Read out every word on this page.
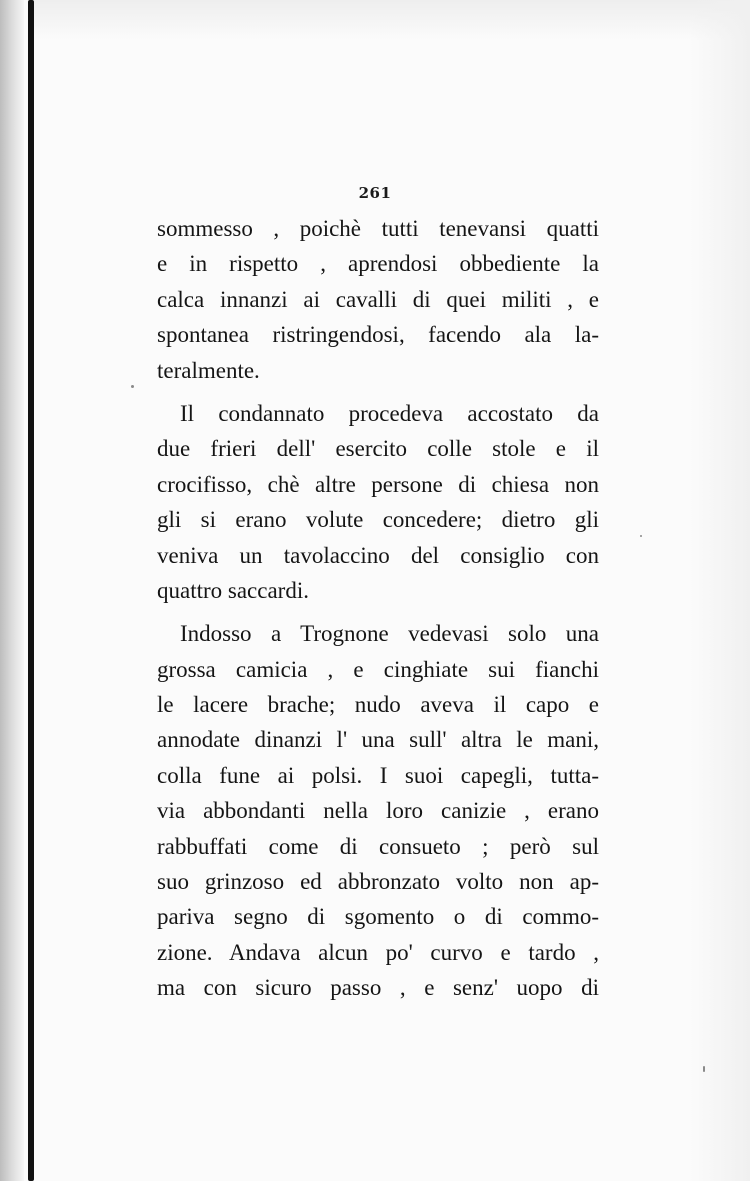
261
sommesso , poichè tutti tenevansi quatti
e in rispetto , aprendosi obbediente la
calca innanzi ai cavalli di quei militi , e
spontanea ristringendosi, facendo ala la-
teralmente.
Il condannato procedeva accostato da
due frieri dell' esercito colle stole e il
crocifisso, chè altre persone di chiesa non
gli si erano volute concedere; dietro gli
veniva un tavolaccino del consiglio con
quattro saccardi.
Indosso a Trognone vedevasi solo una
grossa camicia , e cinghiate sui fianchi
le lacere brache; nudo aveva il capo e
annodate dinanzi l' una sull' altra le mani,
colla fune ai polsi. I suoi capegli, tutta-
via abbondanti nella loro canizie , erano
rabbuffati come di consueto ; però sul
suo grinzoso ed abbronzato volto non ap-
pariva segno di sgomento o di commo-
zione. Andava alcun po' curvo e tardo ,
ma con sicuro passo , e senz' uopo di
